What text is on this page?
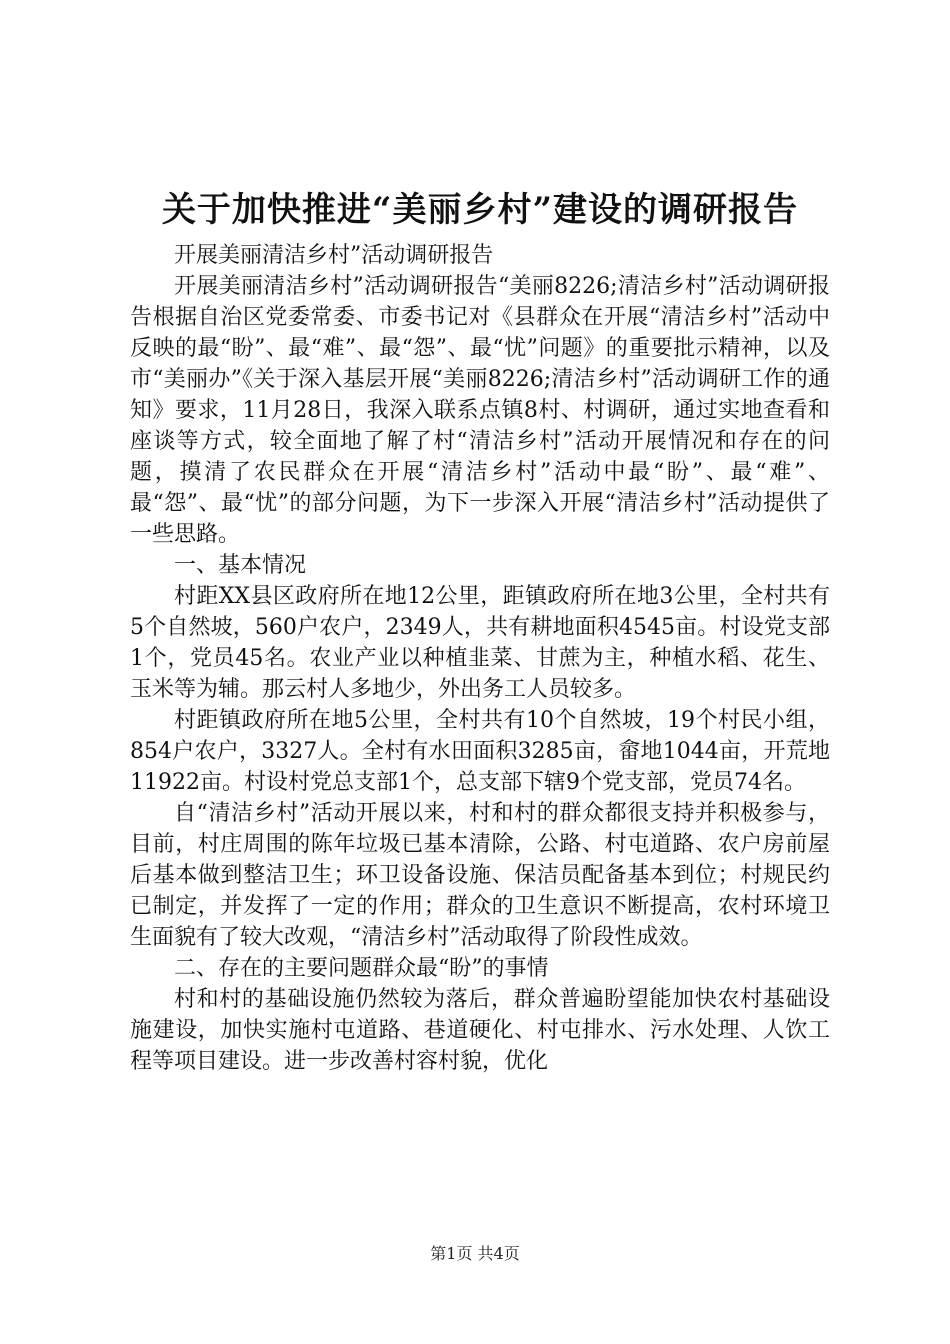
关于加快推进“美丽乡村”建设的调研报告

开展美丽清洁乡村”活动调研报告

开展美丽清洁乡村”活动调研报告“美丽8226;清洁乡村”活动调研报告根据自治区党委常委、市委书记对《县群众在开展“清洁乡村”活动中反映的最“盼”、最“难”、最“怨”、最“忧”问题》的重要批示精神，以及市“美丽办”《关于深入基层开展“美丽8226;清洁乡村”活动调研工作的通知》要求，11月28日，我深入联系点镇8村、村调研，通过实地查看和座谈等方式，较全面地了解了村“清洁乡村”活动开展情况和存在的问题，摸清了农民群众在开展“清洁乡村”活动中最“盼”、最“难”、最“怨”、最“忧”的部分问题，为下一步深入开展“清洁乡村”活动提供了一些思路。

一、基本情况

村距XX县区政府所在地12公里，距镇政府所在地3公里，全村共有5个自然坡，560户农户，2349人，共有耕地面积4545亩。村设党支部1个，党员45名。农业产业以种植韭菜、甘蔗为主，种植水稻、花生、玉米等为辅。那云村人多地少，外出务工人员较多。

村距镇政府所在地5公里，全村共有10个自然坡，19个村民小组，854户农户，3327人。全村有水田面积3285亩，畲地1044亩，开荒地11922亩。村设村党总支部1个，总支部下辖9个党支部，党员74名。

自“清洁乡村”活动开展以来，村和村的群众都很支持并积极参与，目前，村庄周围的陈年垃圾已基本清除，公路、村屯道路、农户房前屋后基本做到整洁卫生；环卫设备设施、保洁员配备基本到位；村规民约已制定，并发挥了一定的作用；群众的卫生意识不断提高，农村环境卫生面貌有了较大改观，“清洁乡村”活动取得了阶段性成效。

二、存在的主要问题群众最“盼”的事情

村和村的基础设施仍然较为落后，群众普遍盼望能加快农村基础设施建设，加快实施村屯道路、巷道硬化、村屯排水、污水处理、人饮工程等项目建设。进一步改善村容村貌，优化

第1页 共4页
